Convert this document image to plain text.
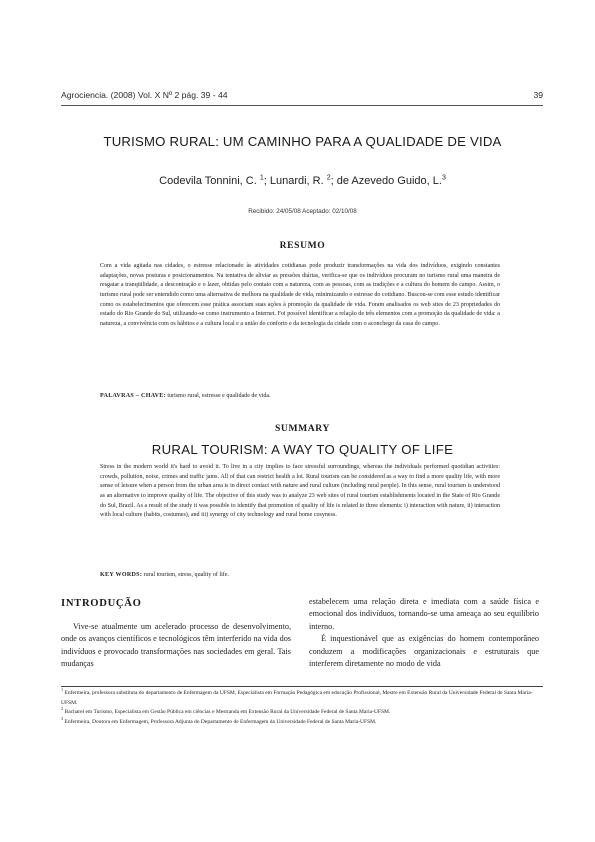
Agrociencia. (2008) Vol. X Nº 2 pág. 39 - 44	39
TURISMO RURAL: UM CAMINHO PARA A QUALIDADE DE VIDA
Codevila Tonnini, C. $^1$; Lunardi, R. $^2$; de Azevedo Guido, L.$^3$
Recibido: 24/05/08 Aceptado: 02/10/08
RESUMO
Com a vida agitada nas cidades, o estresse relacionado às atividades cotidianas pode produzir transformações na vida dos indivíduos, exigindo constantes adaptações, novas posturas e posicionamentos. Na tentativa de aliviar as pressões diárias, verifica-se que os indivíduos procuram no turismo rural uma maneira de resgatar a tranqüilidade, a descontração e o lazer, obtidas pelo contato com a natureza, com as pessoas, com as tradições e a cultura do homem do campo. Assim, o turismo rural pode ser entendido como uma alternativa de melhora na qualidade de vida, minimizando o estresse do cotidiano. Buscou-se com esse estudo identificar como os estabelecimentos que oferecem esse prática associam suas ações à promoção da qualidade de vida. Foram analisados os web sites de 23 propriedades do estado do Rio Grande do Sul, utilizando-se como instrumento a Internet. Foi possível identificar a relação de três elementos com a promoção da qualidade de vida: a natureza, a convivência com os hábitos e a cultura local e a união do conforto e da tecnologia da cidade com o aconchego da casa do campo.
PALAVRAS – CHAVE: turismo rural, estresse e qualidade de vida.
SUMMARY
RURAL TOURISM: A WAY TO QUALITY OF LIFE
Stress in the modern world it's hard to avoid it. To live in a city implies to face stressful surroundings, whereas the individuals performed quotidian activities: crowds, pollution, noise, crimes and traffic jams. All of that can restrict health a lot. Rural tourism can be considered as a way to find a more quality life, with more sense of leisure when a person from the urban area is in direct contact with nature and rural culture (including rural people). In this sense, rural tourism is understood as an alternative to improve quality of life. The objective of this study was to analyze 23 web sites of rural tourism establishments located in the State of Rio Grande do Sul, Brazil. As a result of the study it was possible to identify that promotion of quality of life is related to three elements: i) interaction with nature, ii) interaction with local culture (habits, costumes), and iii) synergy of city technology and rural home cosyness.
KEY WORDS: rural tourism, stress, quality of life.
INTRODUÇÃO

Vive-se atualmente um acelerado processo de desenvolvimento, onde os avanços científicos e tecnológicos têm interferido na vida dos indivíduos e provocado transformações nas sociedades em geral. Tais mudanças

estabelecem uma relação direta e imediata com a saúde física e emocional dos indivíduos, tornando-se uma ameaça ao seu equilíbrio interno.

É inquestionável que as exigências do homem contemporâneo conduzem a modificações organizacionais e estruturais que interferem diretamente no modo de vida

$^1$ Enfermeira, professora substituta do departamento de Enfermagem da UFSM, Especialista em Formação Pedagógica em educação Profissional, Mestre em Extensão Rural da Universidade Federal de Santa Maria-UFSM.

$^2$ Bacharel em Turismo, Especialista em Gestão Pública em ciências e Mestranda em Extensão Rural da Universidade Federal de Santa Maria-UFSM.

$^3$ Enfermeira, Doutora em Enfermagem, Professora Adjunta do Departamento de Enfermagem da Universidade Federal de Santa Maria-UFSM.
